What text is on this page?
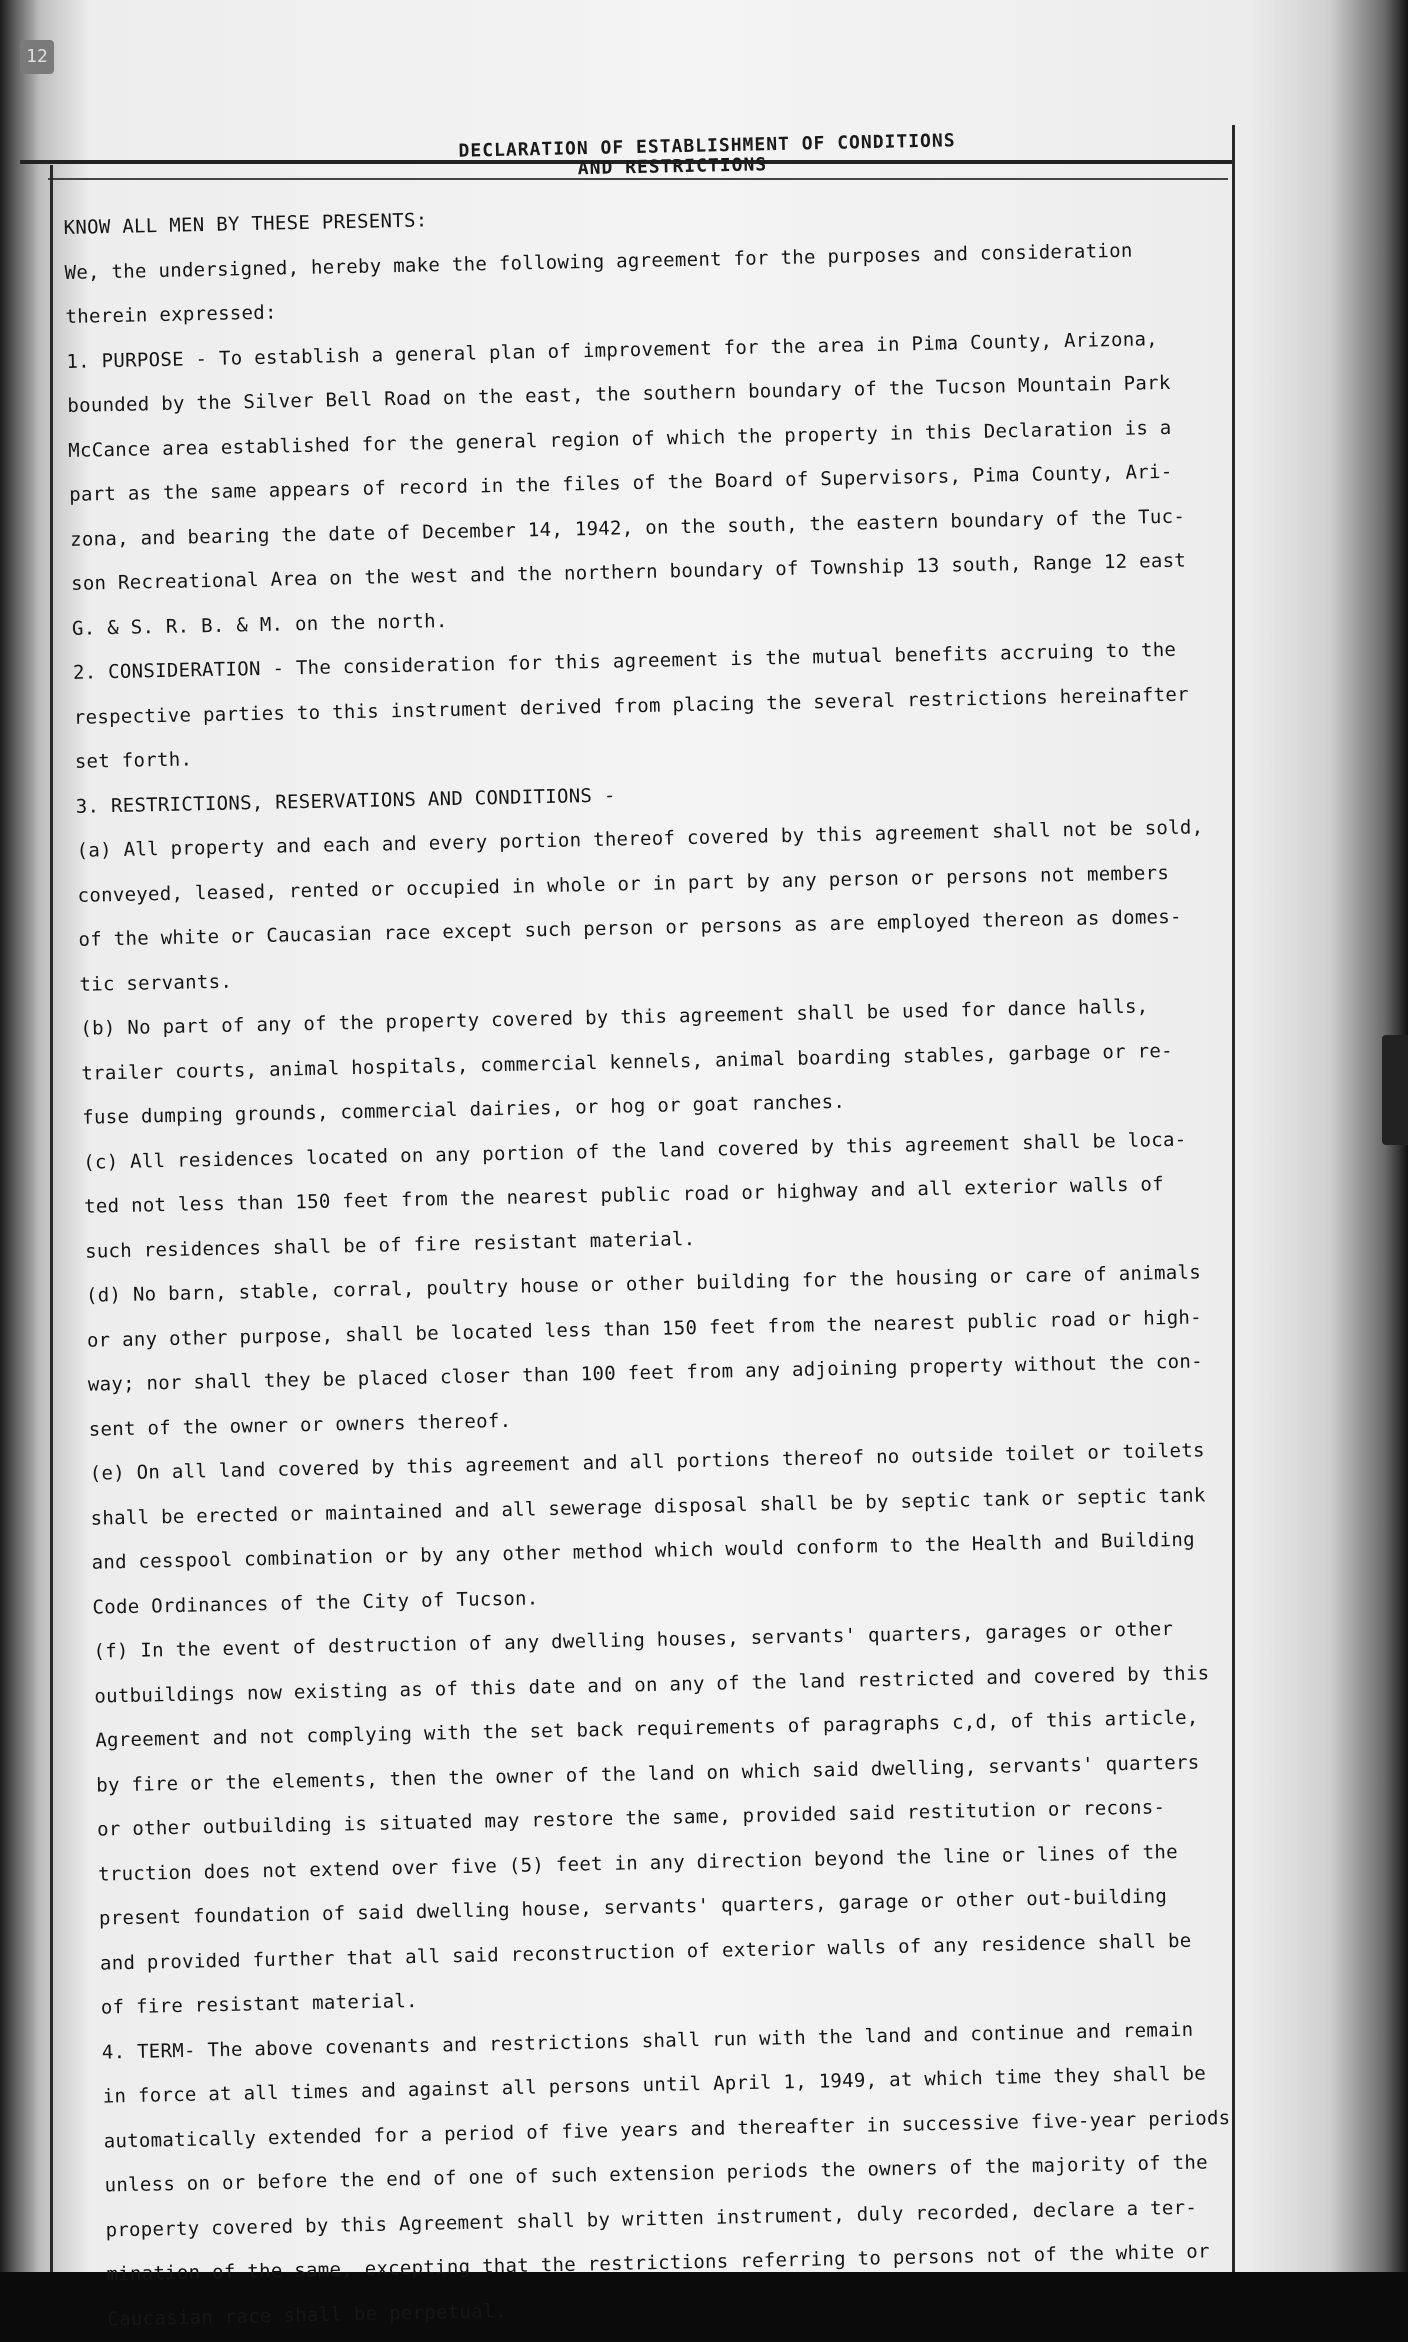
12
DECLARATION OF ESTABLISHMENT OF CONDITIONS
AND RESTRICTIONS

KNOW ALL MEN BY THESE PRESENTS:

We, the undersigned, hereby make the following agreement for the purposes and consideration

therein expressed:

1. PURPOSE - To establish a general plan of improvement for the area in Pima County, Arizona,

bounded by the Silver Bell Road on the east, the southern boundary of the Tucson Mountain Park

McCance area established for the general region of which the property in this Declaration is a

part as the same appears of record in the files of the Board of Supervisors, Pima County, Ari-

zona, and bearing the date of December 14, 1942, on the south, the eastern boundary of the Tuc-

son Recreational Area on the west and the northern boundary of Township 13 south, Range 12 east

G. & S. R. B. & M. on the north.

2. CONSIDERATION - The consideration for this agreement is the mutual benefits accruing to the

respective parties to this instrument derived from placing the several restrictions hereinafter

set forth.

3. RESTRICTIONS, RESERVATIONS AND CONDITIONS -

(a) All property and each and every portion thereof covered by this agreement shall not be sold,

conveyed, leased, rented or occupied in whole or in part by any person or persons not members

of the white or Caucasian race except such person or persons as are employed thereon as domes-

tic servants.

(b) No part of any of the property covered by this agreement shall be used for dance halls,

trailer courts, animal hospitals, commercial kennels, animal boarding stables, garbage or re-

fuse dumping grounds, commercial dairies, or hog or goat ranches.

(c) All residences located on any portion of the land covered by this agreement shall be loca-

ted not less than 150 feet from the nearest public road or highway and all exterior walls of

such residences shall be of fire resistant material.

(d) No barn, stable, corral, poultry house or other building for the housing or care of animals

or any other purpose, shall be located less than 150 feet from the nearest public road or high-

way; nor shall they be placed closer than 100 feet from any adjoining property without the con-

sent of the owner or owners thereof.

(e) On all land covered by this agreement and all portions thereof no outside toilet or toilets

shall be erected or maintained and all sewerage disposal shall be by septic tank or septic tank

and cesspool combination or by any other method which would conform to the Health and Building

Code Ordinances of the City of Tucson.

(f) In the event of destruction of any dwelling houses, servants' quarters, garages or other

outbuildings now existing as of this date and on any of the land restricted and covered by this

Agreement and not complying with the set back requirements of paragraphs c,d, of this article,

by fire or the elements, then the owner of the land on which said dwelling, servants' quarters

or other outbuilding is situated may restore the same, provided said restitution or recons-

truction does not extend over five (5) feet in any direction beyond the line or lines of the

present foundation of said dwelling house, servants' quarters, garage or other out-building

and provided further that all said reconstruction of exterior walls of any residence shall be

of fire resistant material.

4. TERM- The above covenants and restrictions shall run with the land and continue and remain

in force at all times and against all persons until April 1, 1949, at which time they shall be

automatically extended for a period of five years and thereafter in successive five-year periods

unless on or before the end of one of such extension periods the owners of the majority of the

property covered by this Agreement shall by written instrument, duly recorded, declare a ter-

mination of the same, excepting that the restrictions referring to persons not of the white or

Caucasian race shall be perpetual.
